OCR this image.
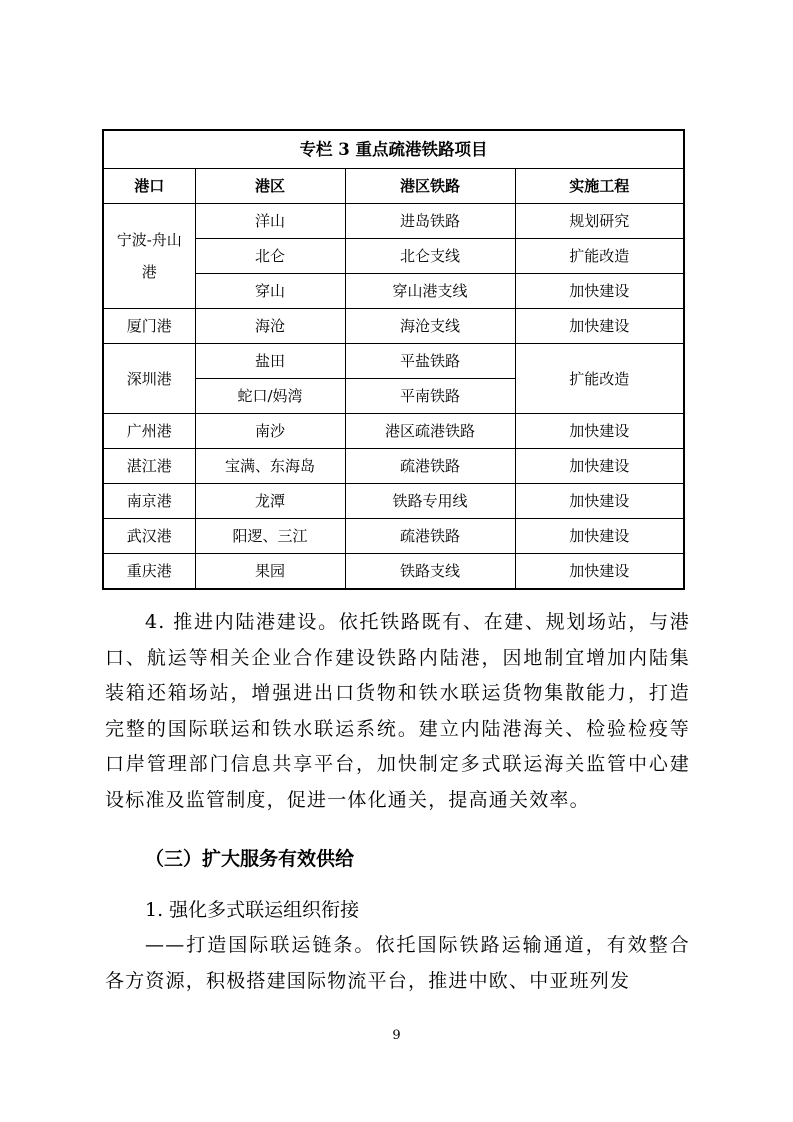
专栏 3 重点疏港铁路项目			
港口	港区	港区铁路	实施工程
宁波-舟山港	洋山	进岛铁路	规划研究
	北仑	北仑支线	扩能改造
	穿山	穿山港支线	加快建设
厦门港	海沧	海沧支线	加快建设
深圳港	盐田	平盐铁路	扩能改造
	蛇口/妈湾	平南铁路	
广州港	南沙	港区疏港铁路	加快建设
湛江港	宝满、东海岛	疏港铁路	加快建设
南京港	龙潭	铁路专用线	加快建设
武汉港	阳逻、三江	疏港铁路	加快建设
重庆港	果园	铁路支线	加快建设

4. 推进内陆港建设。依托铁路既有、在建、规划场站，与港口、航运等相关企业合作建设铁路内陆港，因地制宜增加内陆集装箱还箱场站，增强进出口货物和铁水联运货物集散能力，打造完整的国际联运和铁水联运系统。建立内陆港海关、检验检疫等口岸管理部门信息共享平台，加快制定多式联运海关监管中心建设标准及监管制度，促进一体化通关，提高通关效率。

（三）扩大服务有效供给

1. 强化多式联运组织衔接

——打造国际联运链条。依托国际铁路运输通道，有效整合各方资源，积极搭建国际物流平台，推进中欧、中亚班列发

9
